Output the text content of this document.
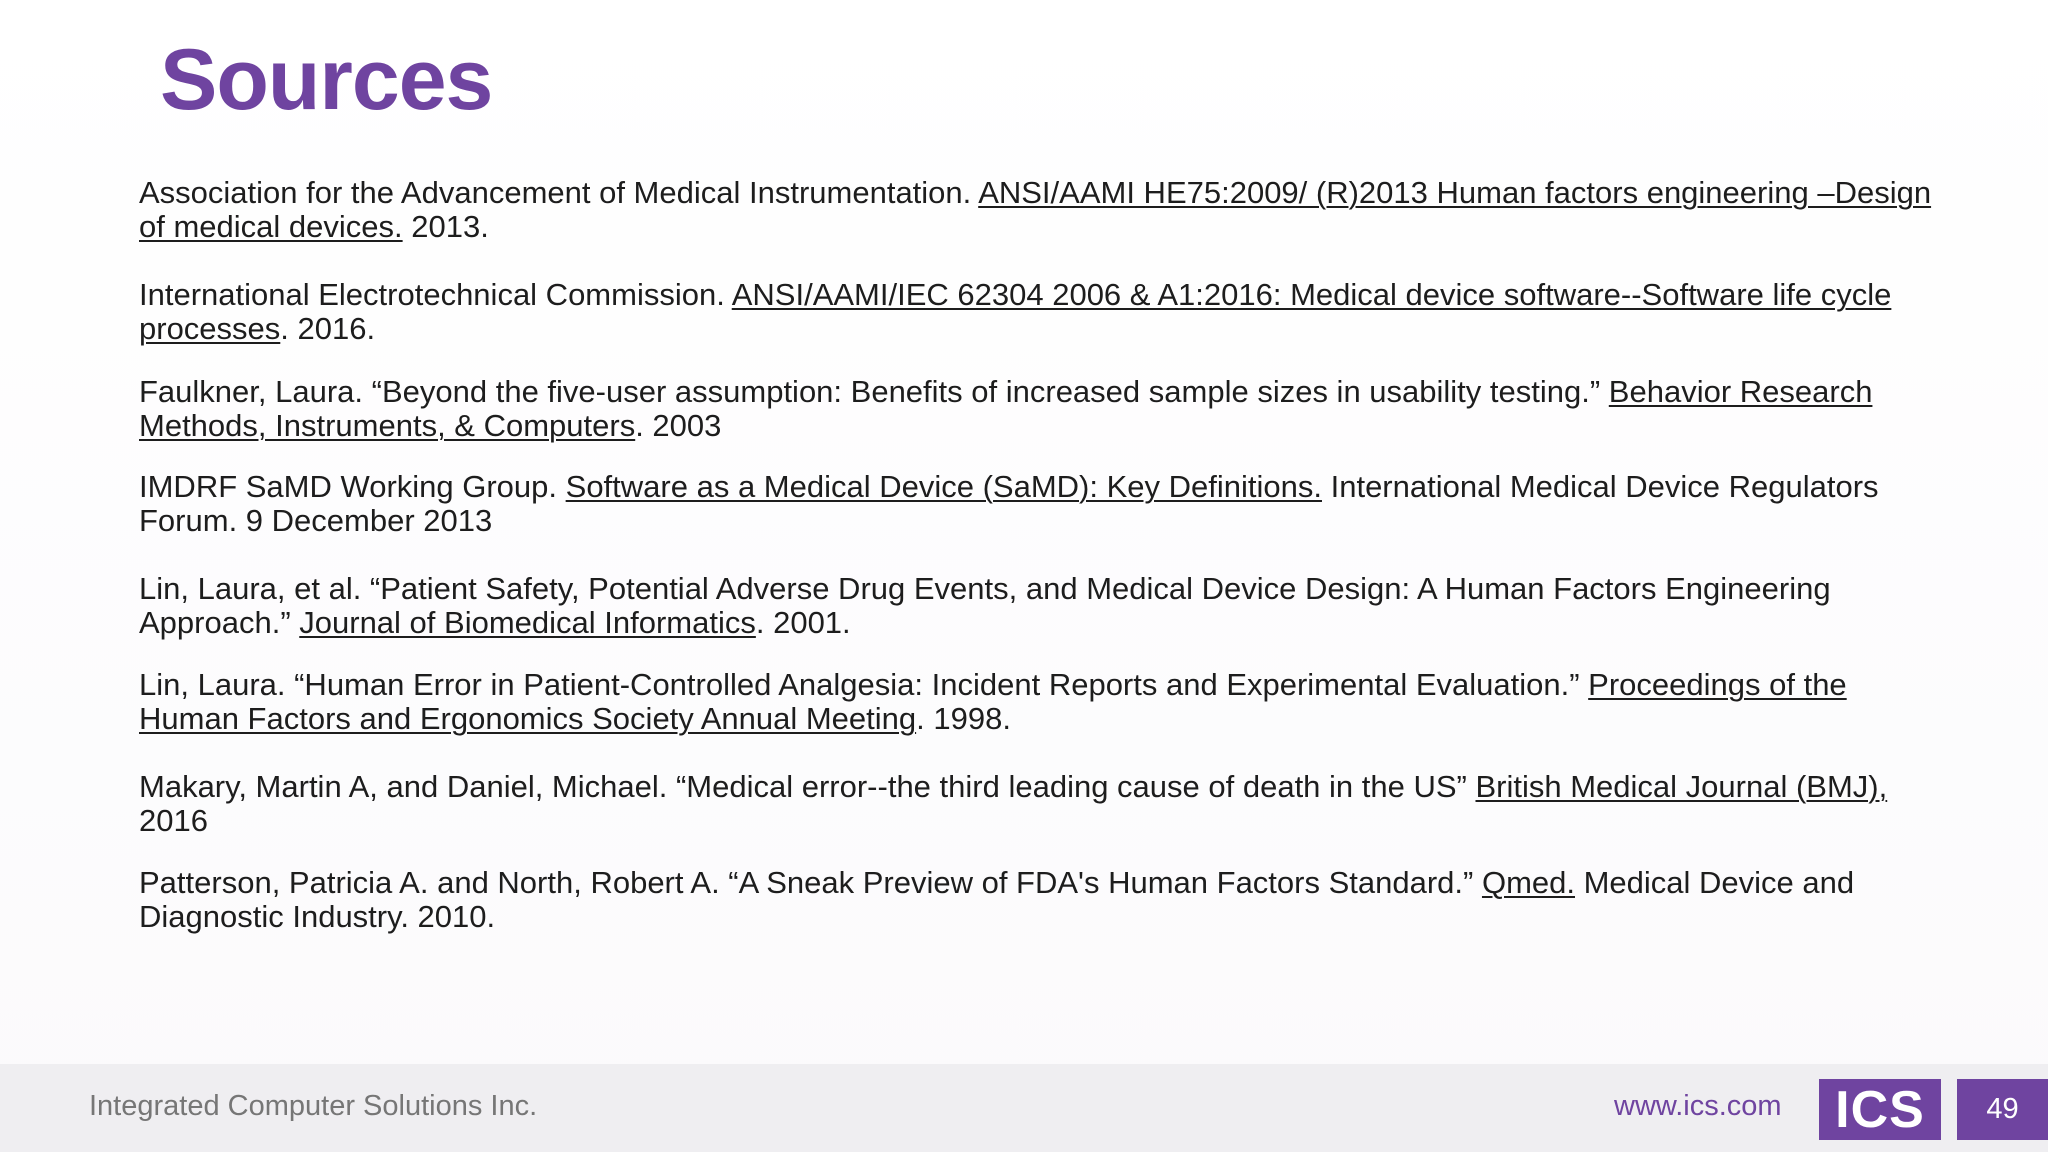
Sources
Association for the Advancement of Medical Instrumentation. ANSI/AAMI HE75:2009/ (R)2013 Human factors engineering –Design of medical devices. 2013.
International Electrotechnical Commission. ANSI/AAMI/IEC 62304 2006 & A1:2016: Medical device software--Software life cycle processes. 2016.
Faulkner, Laura. “Beyond the five-user assumption: Benefits of increased sample sizes in usability testing.” Behavior Research Methods, Instruments, & Computers. 2003
IMDRF SaMD Working Group. Software as a Medical Device (SaMD): Key Definitions. International Medical Device Regulators Forum. 9 December 2013
Lin, Laura, et al. “Patient Safety, Potential Adverse Drug Events, and Medical Device Design: A Human Factors Engineering Approach.” Journal of Biomedical Informatics. 2001.
Lin, Laura. “Human Error in Patient-Controlled Analgesia: Incident Reports and Experimental Evaluation.” Proceedings of the Human Factors and Ergonomics Society Annual Meeting. 1998.
Makary, Martin A, and Daniel, Michael. “Medical error--the third leading cause of death in the US” British Medical Journal (BMJ), 2016
Patterson, Patricia A. and North, Robert A. “A Sneak Preview of FDA's Human Factors Standard.” Qmed. Medical Device and Diagnostic Industry. 2010.
Integrated Computer Solutions Inc.	www.ics.com ICS 49
